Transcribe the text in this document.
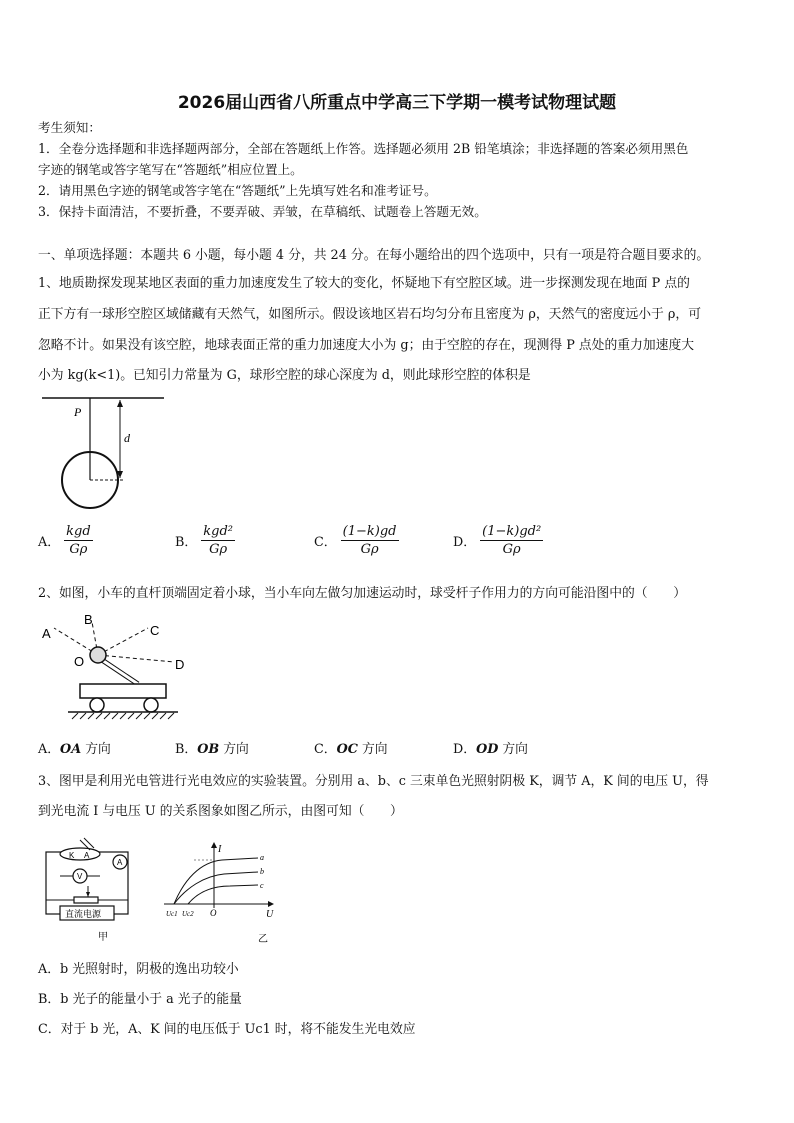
2026届山西省八所重点中学高三下学期一模考试物理试题
考生须知：
1．全卷分选择题和非选择题两部分，全部在答题纸上作答。选择题必须用 2B 铅笔填涂；非选择题的答案必须用黑色
字迹的钢笔或答字笔写在“答题纸”相应位置上。
2．请用黑色字迹的钢笔或答字笔在“答题纸”上先填写姓名和准考证号。
3．保持卡面清洁，不要折叠，不要弄破、弄皱，在草稿纸、试题卷上答题无效。
一、单项选择题：本题共 6 小题，每小题 4 分，共 24 分。在每小题给出的四个选项中，只有一项是符合题目要求的。
1、地质勘探发现某地区表面的重力加速度发生了较大的变化，怀疑地下有空腔区域。进一步探测发现在地面 P 点的
正下方有一球形空腔区域储藏有天然气，如图所示。假设该地区岩石均匀分布且密度为 ρ，天然气的密度远小于 ρ，可
忽略不计。如果没有该空腔，地球表面正常的重力加速度大小为 g；由于空腔的存在，现测得 P 点处的重力加速度大
小为 kg(k<1)。已知引力常量为 G，球形空腔的球心深度为 d，则此球形空腔的体积是
P
d
A． $\frac{\text{kgd}}{G\rho}$	B． $\frac{\text{kgd²}}{G\rho}$	C． $\frac{(1-k)gd}{G\rho}$	D． $\frac{\text{(1−k)gd²}}{G\rho}$
2、如图，小车的直杆顶端固定着小球，当小车向左做匀加速运动时，球受杆子作用力的方向可能沿图中的（　　）
A
B
C
O	D
A．OA 方向	B．OB 方向	C．OC 方向	D．OD 方向
3、图甲是利用光电管进行光电效应的实验装置。分别用 a、b、c 三束单色光照射阴极 K，调节 A，K 间的电压 U，得
到光电流 I 与电压 U 的关系图象如图乙所示，由图可知（　　）
K A
A
V
直流电源
甲
I
U
O
a
b
c
Uc1 Uc2
乙
A．b 光照射时，阴极的逸出功较小
B．b 光子的能量小于 a 光子的能量
C．对于 b 光，A、K 间的电压低于 Uc1 时，将不能发生光电效应
